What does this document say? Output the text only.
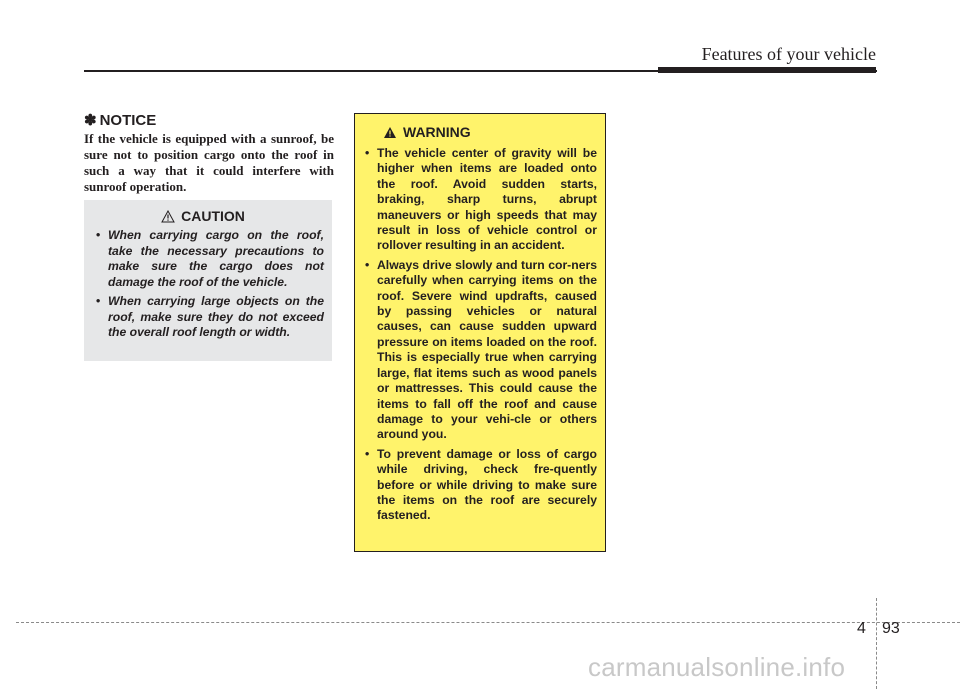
Features of your vehicle
✽ NOTICE

If the vehicle is equipped with a sunroof, be sure not to position cargo onto the roof in such a way that it could interfere with sunroof operation.

CAUTION
• When carrying cargo on the roof, take the necessary precautions to make sure the cargo does not damage the roof of the vehicle.
• When carrying large objects on the roof, make sure they do not exceed the overall roof length or width.
WARNING
• The vehicle center of gravity will be higher when items are loaded onto the roof. Avoid sudden starts, braking, sharp turns, abrupt maneuvers or high speeds that may result in loss of vehicle control or rollover resulting in an accident.
• Always drive slowly and turn cor-ners carefully when carrying items on the roof. Severe wind updrafts, caused by passing vehicles or natural causes, can cause sudden upward pressure on items loaded on the roof. This is especially true when carrying large, flat items such as wood panels or mattresses. This could cause the items to fall off the roof and cause damage to your vehi-cle or others around you.
• To prevent damage or loss of cargo while driving, check fre-quently before or while driving to make sure the items on the roof are securely fastened.
4 93
carmanualsonline.info
